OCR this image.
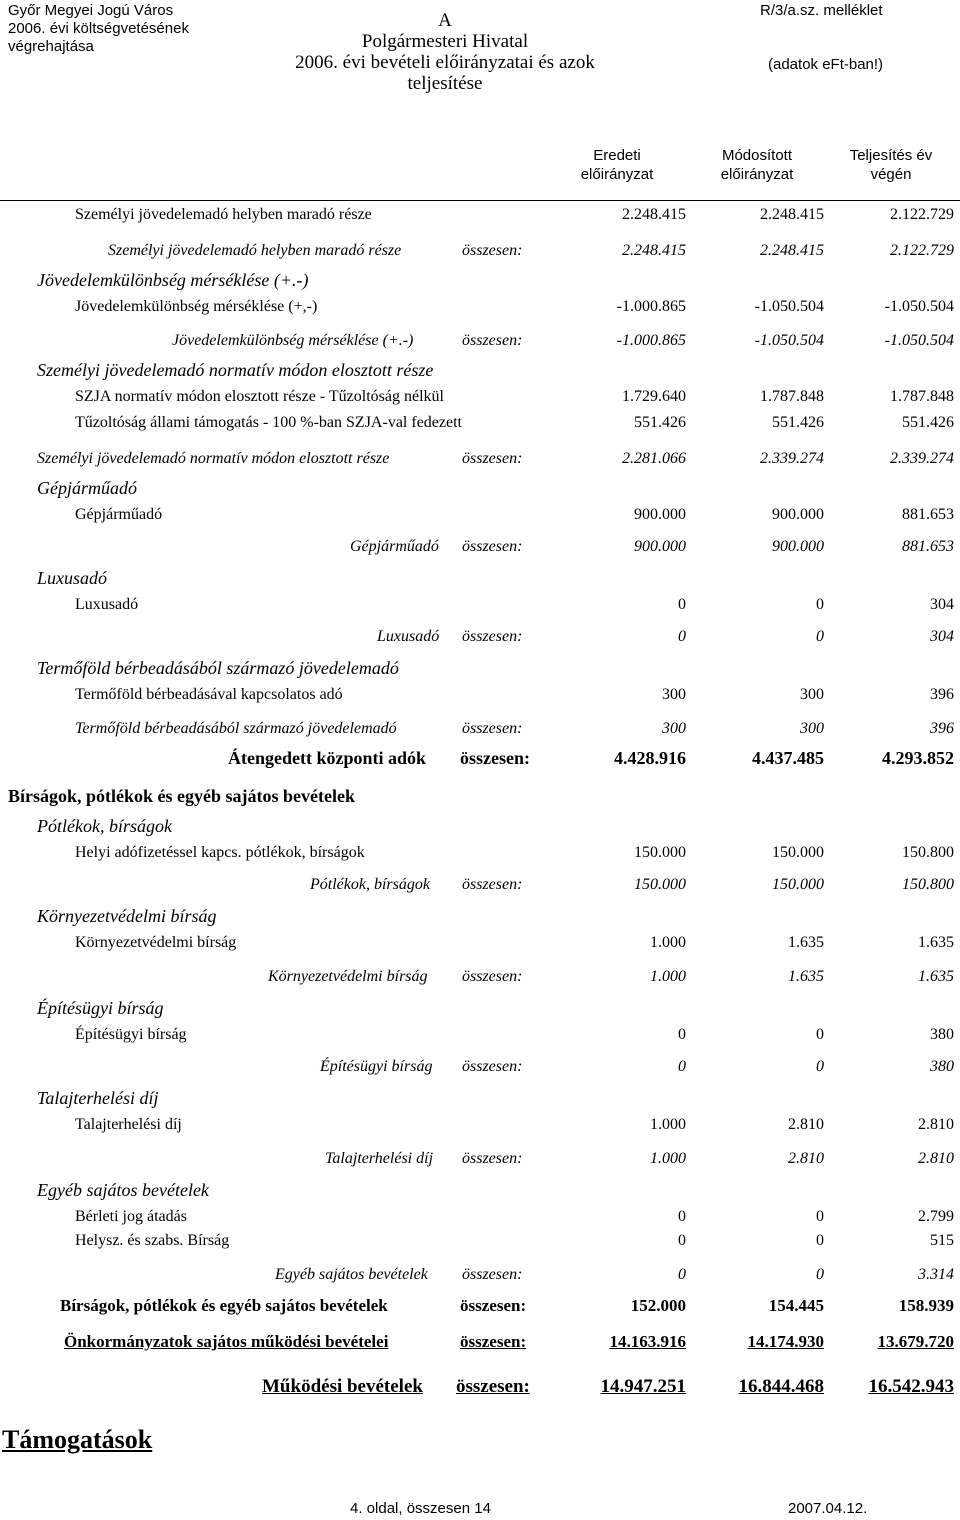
Győr Megyei Jogú Város
2006. évi költségvetésének
végrehajtása
A
Polgármesteri Hivatal
2006. évi bevételi előirányzatai és azok
teljesítése
R/3/a.sz. melléklet
(adatok eFt-ban!)
Eredeti
előirányzat
Módosított
előirányzat
Teljesítés év
végén
Személyi jövedelemadó helyben maradó része	2.248.415	2.248.415	2.122.729
Személyi jövedelemadó helyben maradó része	összesen:	2.248.415	2.248.415	2.122.729
Jövedelemkülönbség mérséklése (+.-)
Jövedelemkülönbség mérséklése (+,-)	-1.000.865	-1.050.504	-1.050.504
Jövedelemkülönbség mérséklése (+.-)	összesen:	-1.000.865	-1.050.504	-1.050.504
Személyi jövedelemadó normatív módon elosztott része
SZJA normatív módon elosztott része - Tűzoltóság nélkül	1.729.640	1.787.848	1.787.848
Tűzoltóság állami támogatás - 100 %-ban SZJA-val fedezett	551.426	551.426	551.426
Személyi jövedelemadó normatív módon elosztott része	összesen:	2.281.066	2.339.274	2.339.274
Gépjárműadó
Gépjárműadó	900.000	900.000	881.653
Gépjárműadó összesen:	900.000	900.000	881.653
Luxusadó
Luxusadó	0	0	304
Luxusadó összesen:	0	0	304
Termőföld bérbeadásából származó jövedelemadó
Termőföld bérbeadásával kapcsolatos adó	300	300	396
Termőföld bérbeadásából származó jövedelemadó	összesen:	300	300	396
Átengedett központi adók összesen:	4.428.916	4.437.485	4.293.852
Bírságok, pótlékok és egyéb sajátos bevételek
Pótlékok, bírságok
Helyi adófizetéssel kapcs. pótlékok, bírságok	150.000	150.000	150.800
Pótlékok, bírságok összesen:	150.000	150.000	150.800
Környezetvédelmi bírság
Környezetvédelmi bírság	1.000	1.635	1.635
Környezetvédelmi bírság összesen:	1.000	1.635	1.635
Építésügyi bírság
Építésügyi bírság	0	0	380
Építésügyi bírság összesen:	0	0	380
Talajterhelési díj
Talajterhelési díj	1.000	2.810	2.810
Talajterhelési díj összesen:	1.000	2.810	2.810
Egyéb sajátos bevételek
Bérleti jog átadás	0	0	2.799
Helysz. és szabs. Bírság	0	0	515
Egyéb sajátos bevételek összesen:	0	0	3.314
Bírságok, pótlékok és egyéb sajátos bevételek	összesen:	152.000	154.445	158.939
Önkormányzatok sajátos működési bevételei	összesen:	14.163.916	14.174.930	13.679.720
Működési bevételek összesen:	14.947.251	16.844.468	16.542.943
Támogatások
4. oldal, összesen 14	2007.04.12.
